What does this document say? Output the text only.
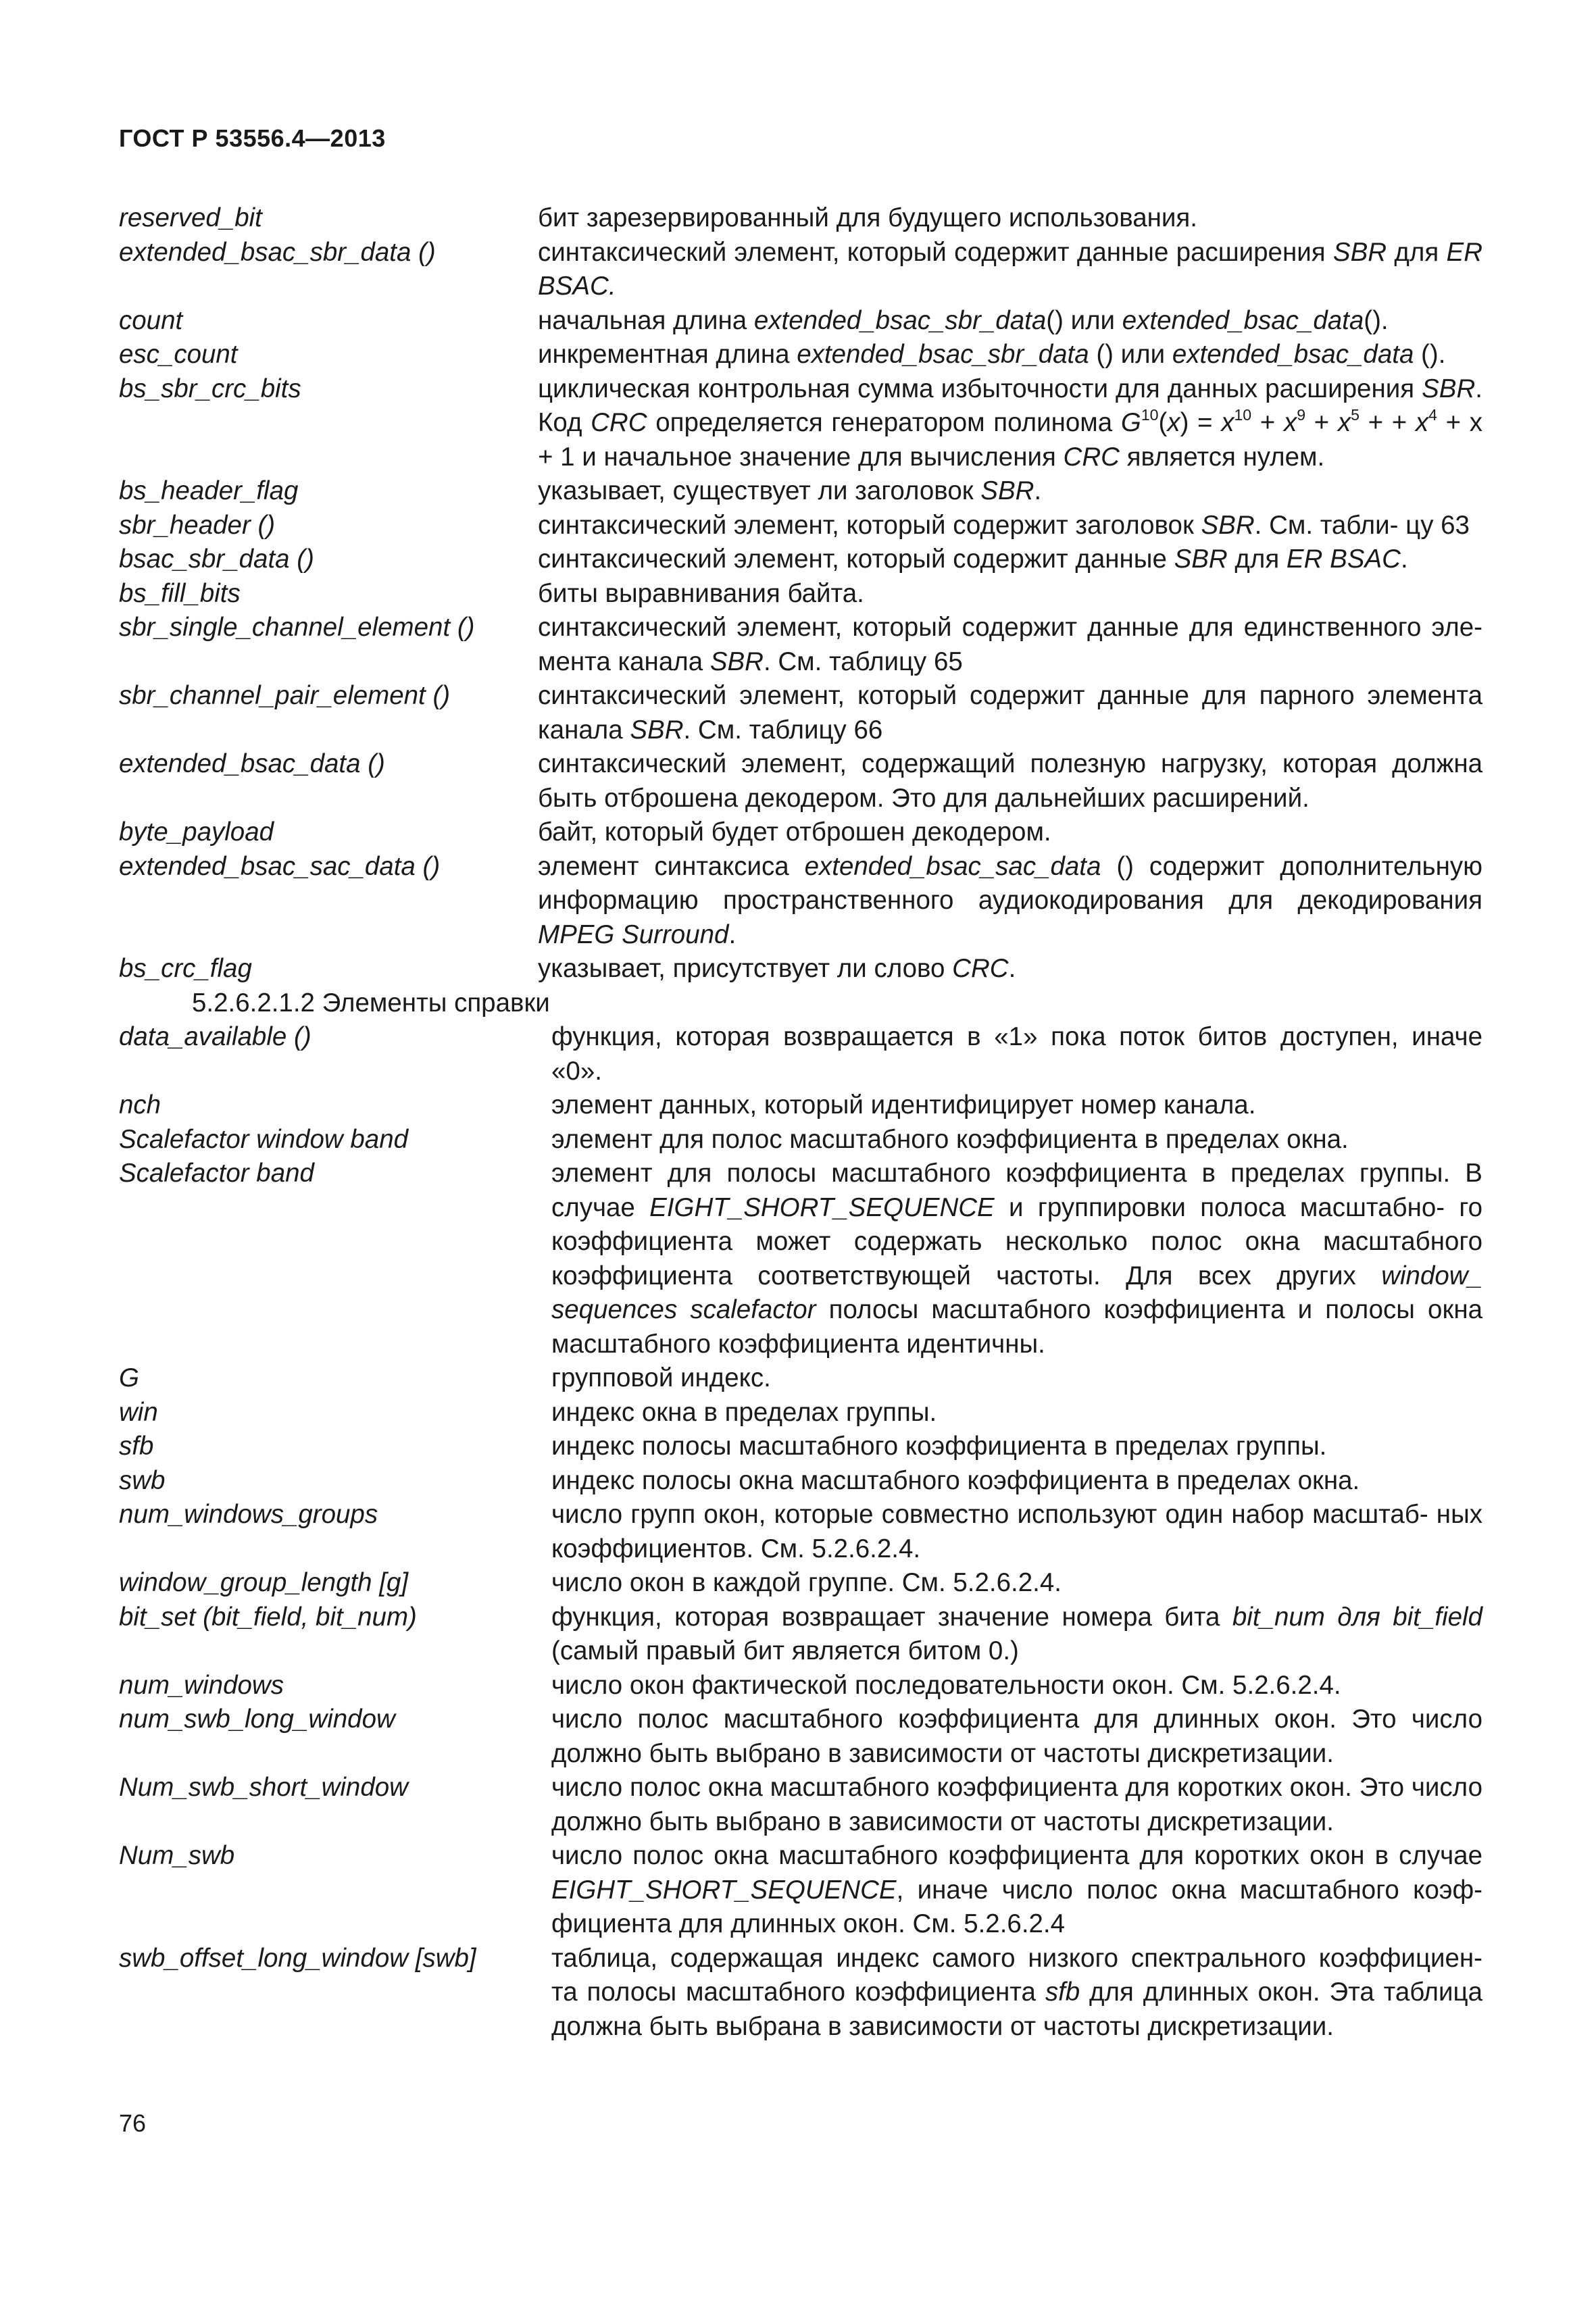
ГОСТ Р 53556.4—2013
reserved_bit	бит зарезервированный для будущего использования.
extended_bsac_sbr_data ()	синтаксический элемент, который содержит данные расширения SBR для ER BSAC.
count	начальная длина extended_bsac_sbr_data() или extended_bsac_data().
esc_count	инкрементная длина extended_bsac_sbr_data () или extended_bsac_data ().
bs_sbr_crc_bits	циклическая контрольная сумма избыточности для данных расширения SBR. Код CRC определяется генератором полинома $G^{10}(x) = x^{10} + x^9 + x^5$ + + $x^4 + x + 1$ и начальное значение для вычисления CRC является нулем.
bs_header_flag	указывает, существует ли заголовок SBR.
sbr_header ()	синтаксический элемент, который содержит заголовок SBR. См. табли- цу 63
bsac_sbr_data ()	синтаксический элемент, который содержит данные SBR для ER BSAC.
bs_fill_bits	биты выравнивания байта.
sbr_single_channel_element () синтаксический элемент, который содержит данные для единственного эле- мента канала SBR. См. таблицу 65
sbr_channel_pair_element ()	синтаксический элемент, который содержит данные для парного элемента канала SBR. См. таблицу 66
extended_bsac_data ()	синтаксический элемент, содержащий полезную нагрузку, которая должна быть отброшена декодером. Это для дальнейших расширений.
byte_payload	байт, который будет отброшен декодером.
extended_bsac_sac_data ()	элемент синтаксиса extended_bsac_sac_data () содержит дополнительную информацию пространственного аудиокодирования для декодирования MPEG Surround.
bs_crc_flag	указывает, присутствует ли слово CRC.
5.2.6.2.1.2 Элементы справки
data_available ()	функция, которая возвращается в «1» пока поток битов доступен, иначе «0».
nch	элемент данных, который идентифицирует номер канала.
Scalefactor window band	элемент для полос масштабного коэффициента в пределах окна.
Scalefactor band	элемент для полосы масштабного коэффициента в пределах группы. В случае EIGHT_SHORT_SEQUENCE и группировки полоса масштабно- го коэффициента может содержать несколько полос окна масштабного коэффициента соответствующей частоты. Для всех других window_ sequences scalefactor полосы масштабного коэффициента и полосы окна масштабного коэффициента идентичны.
G	групповой индекс.
win	индекс окна в пределах группы.
sfb	индекс полосы масштабного коэффициента в пределах группы.
swb	индекс полосы окна масштабного коэффициента в пределах окна.
num_windows_groups	число групп окон, которые совместно используют один набор масштаб- ных коэффициентов. См. 5.2.6.2.4.
window_group_length [g]	число окон в каждой группе. См. 5.2.6.2.4.
bit_set (bit_field, bit_num)	функция, которая возвращает значение номера бита bit_num для bit_field (самый правый бит является битом 0.)
num_windows	число окон фактической последовательности окон. См. 5.2.6.2.4.
num_swb_long_window	число полос масштабного коэффициента для длинных окон. Это число должно быть выбрано в зависимости от частоты дискретизации.
Num_swb_short_window	число полос окна масштабного коэффициента для коротких окон. Это число должно быть выбрано в зависимости от частоты дискретизации.
Num_swb	число полос окна масштабного коэффициента для коротких окон в случае EIGHT_SHORT_SEQUENCE, иначе число полос окна масштабного коэф- фициента для длинных окон. См. 5.2.6.2.4
swb_offset_long_window [swb]	таблица, содержащая индекс самого низкого спектрального коэффициен- та полосы масштабного коэффициента sfb для длинных окон. Эта таблица должна быть выбрана в зависимости от частоты дискретизации.
76
